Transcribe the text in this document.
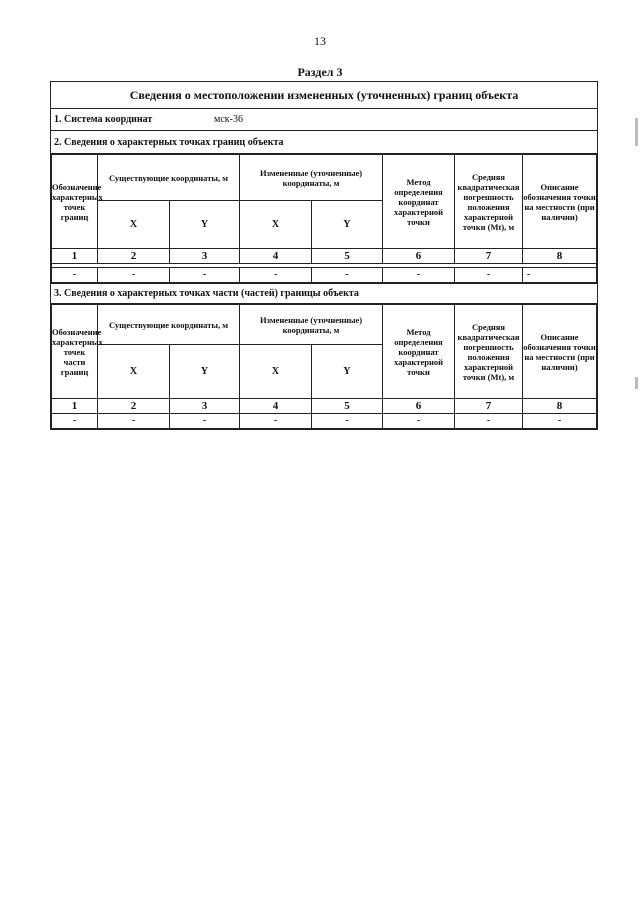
13
Раздел 3
Сведения о местоположении измененных (уточненных) границ объекта
1. Система координат	мск-36
2. Сведения о характерных точках границ объекта
Обозначение характерных точек границ	Существующие координаты, м		Измененные (уточненные) координаты, м		Метод определения координат характерной точки	Средняя квадратическая погрешность положения характерной точки (Mt), м	Описание обозначения точки на местности (при наличии)
	X	Y	X	Y			
1	2	3	4	5	6	7	8

-	-	-	-	-	-	-	-
3. Сведения о характерных точках части (частей) границы объекта
Обозначение характерных точек части границ	Существующие координаты, м		Измененные (уточненные) координаты, м		Метод определения координат характерной точки	Средняя квадратическая погрешность положения характерной точки (Mt), м	Описание обозначения точки на местности (при наличии)
	X	Y	X	Y			
1	2	3	4	5	6	7	8
-	-	-	-	-	-	-	-
